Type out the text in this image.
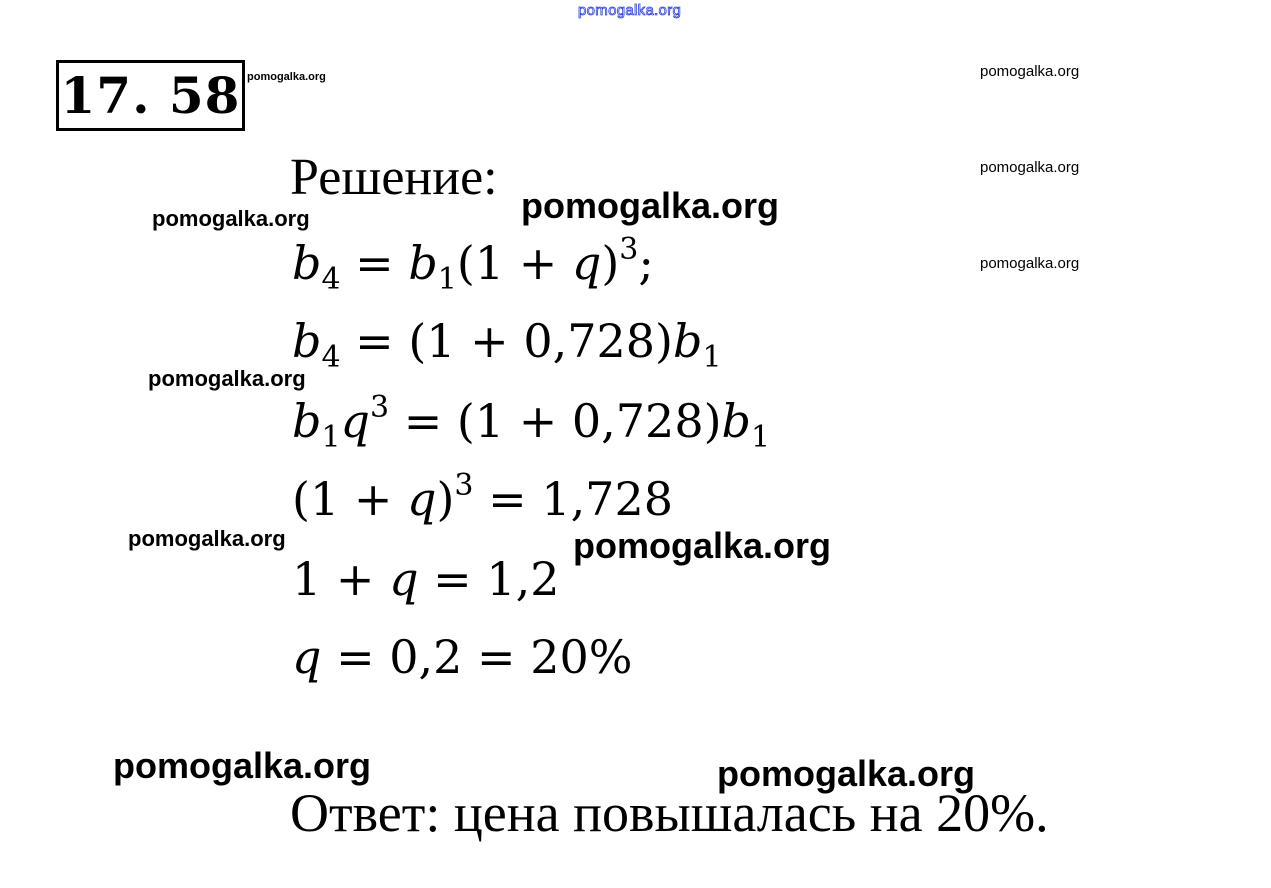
pomogalka.org
pomogalka.org	pomogalka.org
pomogalka.org
pomogalka.org
pomogalka.org
pomogalka.org
pomogalka.org
pomogalka.org
pomogalka.org
pomogalka.org	pomogalka.org
17. 58
Решение:
$b_4 = b_1(1 + q)^3$;
$b_4 = (1 + 0,728)b_1$
$b_1q^3 = (1 + 0,728)b_1$
$(1 + q)^3 = 1,728$
1 + q = 1,2
q = 0,2 = 20%
Ответ: цена повышалась на 20%.
